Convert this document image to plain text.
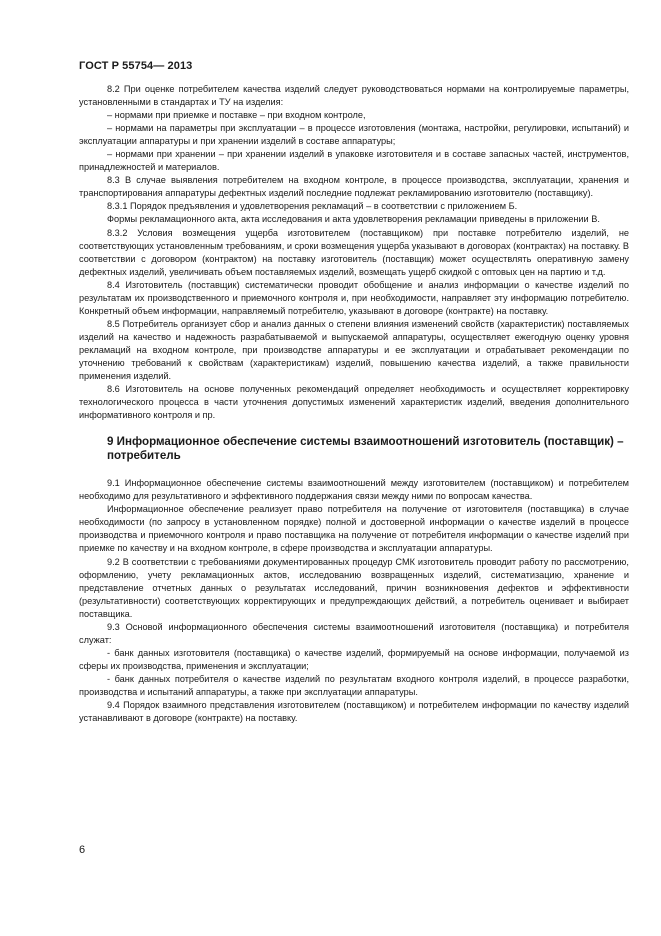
ГОСТ Р 55754— 2013

8.2 При оценке потребителем качества изделий следует руководствоваться нормами на контролируемые параметры, установленными в стандартах и ТУ на изделия:

– нормами при приемке и поставке – при входном контроле,

– нормами на параметры при эксплуатации – в процессе изготовления (монтажа, настройки, регулировки, испытаний) и эксплуатации аппаратуры и при хранении изделий в составе аппаратуры;

– нормами при хранении – при хранении изделий в упаковке изготовителя и в составе запасных частей, инструментов, принадлежностей и материалов.

8.3 В случае выявления потребителем на входном контроле, в процессе производства, эксплуатации, хранения и транспортирования аппаратуры дефектных изделий последние подлежат рекламированию изготовителю (поставщику).

8.3.1 Порядок предъявления и удовлетворения рекламаций – в соответствии с приложением Б.

Формы рекламационного акта, акта исследования и акта удовлетворения рекламации приведены в приложении В.

8.3.2 Условия возмещения ущерба изготовителем (поставщиком) при поставке потребителю изделий, не соответствующих установленным требованиям, и сроки возмещения ущерба указывают в договорах (контрактах) на поставку. В соответствии с договором (контрактом) на поставку изготовитель (поставщик) может осуществлять оперативную замену дефектных изделий, увеличивать объем поставляемых изделий, возмещать ущерб скидкой с оптовых цен на партию и т.д.

8.4 Изготовитель (поставщик) систематически проводит обобщение и анализ информации о качестве изделий по результатам их производственного и приемочного контроля и, при необходимости, направляет эту информацию потребителю. Конкретный объем информации, направляемый потребителю, указывают в договоре (контракте) на поставку.

8.5 Потребитель организует сбор и анализ данных о степени влияния изменений свойств (характеристик) поставляемых изделий на качество и надежность разрабатываемой и выпускаемой аппаратуры, осуществляет ежегодную оценку уровня рекламаций на входном контроле, при производстве аппаратуры и ее эксплуатации и отрабатывает рекомендации по уточнению требований к свойствам (характеристикам) изделий, повышению качества изделий, а также правильности применения изделий.

8.6 Изготовитель на основе полученных рекомендаций определяет необходимость и осуществляет корректировку технологического процесса в части уточнения допустимых изменений характеристик изделий, введения дополнительного информативного контроля и пр.

9 Информационное обеспечение системы взаимоотношений изготовитель (поставщик) – потребитель

9.1 Информационное обеспечение системы взаимоотношений между изготовителем (поставщиком) и потребителем необходимо для результативного и эффективного поддержания связи между ними по вопросам качества.

Информационное обеспечение реализует право потребителя на получение от изготовителя (поставщика) в случае необходимости (по запросу в установленном порядке) полной и достоверной информации о качестве изделий в процессе производства и приемочного контроля и право поставщика на получение от потребителя информации о качестве изделий при приемке по качеству и на входном контроле, в сфере производства и эксплуатации аппаратуры.

9.2 В соответствии с требованиями документированных процедур СМК изготовитель проводит работу по рассмотрению, оформлению, учету рекламационных актов, исследованию возвращенных изделий, систематизацию, хранение и представление отчетных данных о результатах исследований, причин возникновения дефектов и эффективности (результативности) соответствующих корректирующих и предупреждающих действий, а потребитель оценивает и выбирает поставщика.

9.3 Основой информационного обеспечения системы взаимоотношений изготовителя (поставщика) и потребителя служат:

- банк данных изготовителя (поставщика) о качестве изделий, формируемый на основе информации, получаемой из сферы их производства, применения и эксплуатации;

- банк данных потребителя о качестве изделий по результатам входного контроля изделий, в процессе разработки, производства и испытаний аппаратуры, а также при эксплуатации аппаратуры.

9.4 Порядок взаимного представления изготовителем (поставщиком) и потребителем информации по качеству изделий устанавливают в договоре (контракте) на поставку.

6
